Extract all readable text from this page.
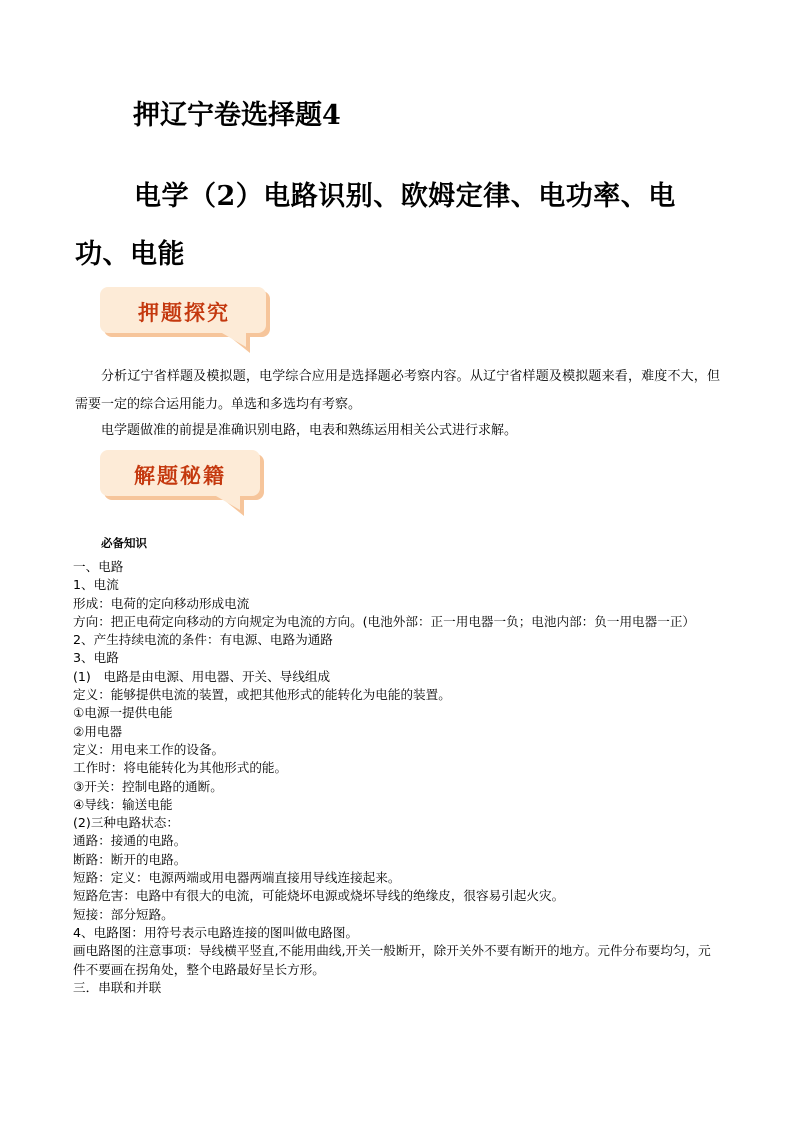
押辽宁卷选择题4
电学（2）电路识别、欧姆定律、电功率、电功、电能
押题探究
分析辽宁省样题及模拟题，电学综合应用是选择题必考察内容。从辽宁省样题及模拟题来看，难度不大，但需要一定的综合运用能力。单选和多选均有考察。
电学题做准的前提是准确识别电路，电表和熟练运用相关公式进行求解。
解题秘籍
必备知识
一、电路
1、电流
形成：电荷的定向移动形成电流
方向：把正电荷定向移动的方向规定为电流的方向。(电池外部：正一用电器一负；电池内部：负一用电器一正）
2、产生持续电流的条件：有电源、电路为通路
3、电路
(1)　电路是由电源、用电器、开关、导线组成
定义：能够提供电流的装置，或把其他形式的能转化为电能的装置。
①电源一提供电能
②用电器
定义：用电来工作的设备。
工作时：将电能转化为其他形式的能。
③开关：控制电路的通断。
④导线：输送电能
(2)三种电路状态：
通路：接通的电路。
断路：断开的电路。
短路：定义：电源两端或用电器两端直接用导线连接起来。
短路危害：电路中有很大的电流，可能烧坏电源或烧坏导线的绝缘皮，很容易引起火灾。
短接：部分短路。
4、电路图：用符号表示电路连接的图叫做电路图。
画电路图的注意事项：导线横平竖直,不能用曲线,开关一般断开，除开关外不要有断开的地方。元件分布要均匀，元件不要画在拐角处，整个电路最好呈长方形。
三．串联和并联
